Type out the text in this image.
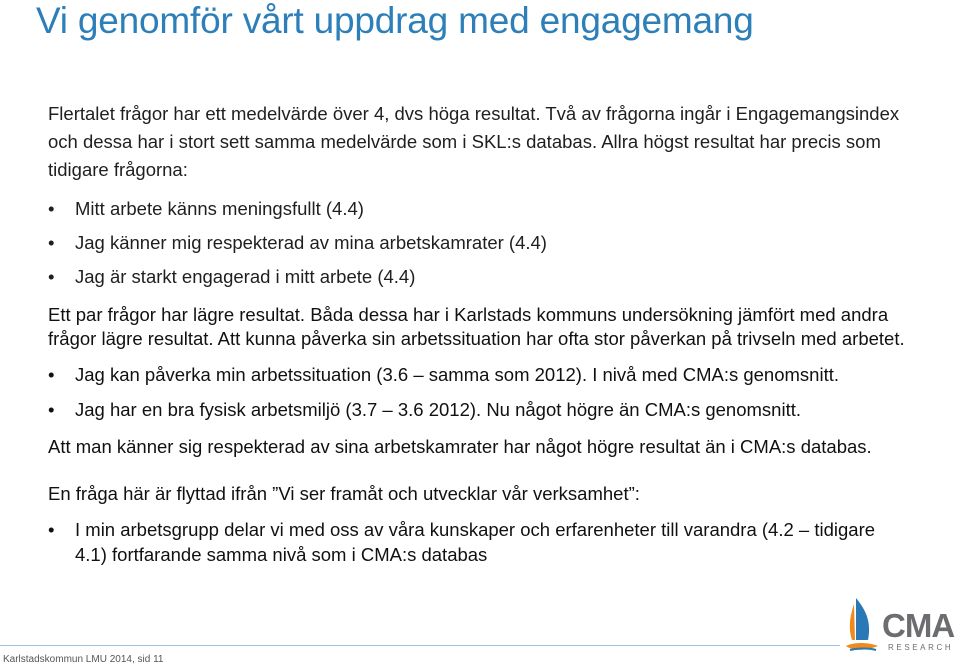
Vi genomför vårt uppdrag med engagemang

Flertalet frågor har ett medelvärde över 4, dvs höga resultat. Två av frågorna ingår i Engagemangsindex och dessa har i stort sett samma medelvärde som i SKL:s databas. Allra högst resultat har precis som tidigare frågorna:

• Mitt arbete känns meningsfullt (4.4)
• Jag känner mig respekterad av mina arbetskamrater (4.4)
• Jag är starkt engagerad i mitt arbete (4.4)

Ett par frågor har lägre resultat. Båda dessa har i Karlstads kommuns undersökning jämfört med andra frågor lägre resultat. Att kunna påverka sin arbetssituation har ofta stor påverkan på trivseln med arbetet.

• Jag kan påverka min arbetssituation (3.6 – samma som 2012). I nivå med CMA:s genomsnitt.
• Jag har en bra fysisk arbetsmiljö (3.7 – 3.6 2012). Nu något högre än CMA:s genomsnitt.

Att man känner sig respekterad av sina arbetskamrater har något högre resultat än i CMA:s databas.

En fråga här är flyttad ifrån ”Vi ser framåt och utvecklar vår verksamhet”:

• I min arbetsgrupp delar vi med oss av våra kunskaper och erfarenheter till varandra (4.2 – tidigare 4.1) fortfarande samma nivå som i CMA:s databas
Karlstadskommun LMU 2014, sid 11
CMA
RESEARCH
